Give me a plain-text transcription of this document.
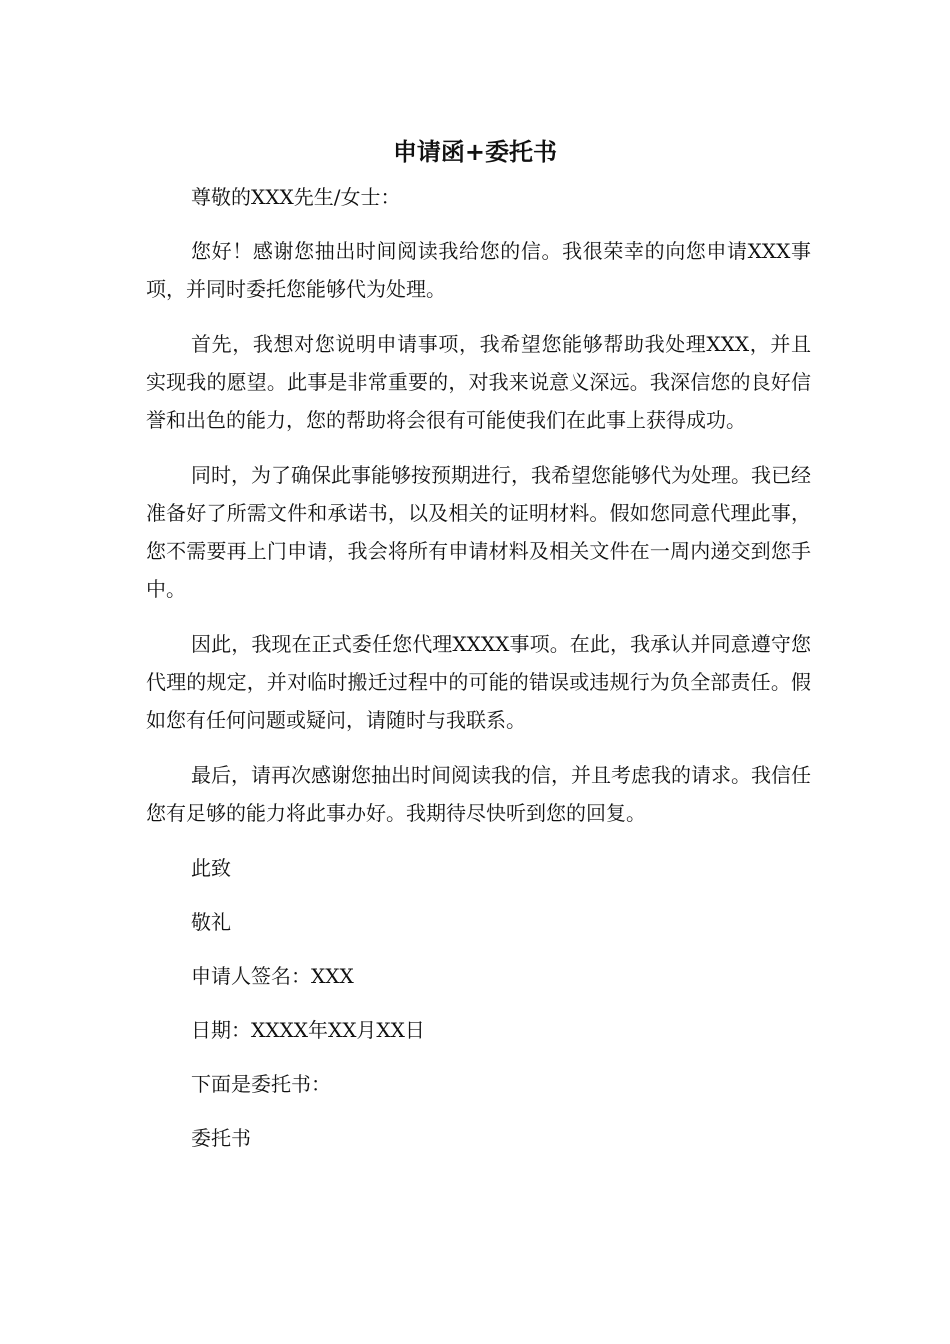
申请函+委托书

尊敬的XXX先生/女士：

您好！感谢您抽出时间阅读我给您的信。我很荣幸的向您申请XXX事项，并同时委托您能够代为处理。

首先，我想对您说明申请事项，我希望您能够帮助我处理XXX，并且实现我的愿望。此事是非常重要的，对我来说意义深远。我深信您的良好信誉和出色的能力，您的帮助将会很有可能使我们在此事上获得成功。

同时，为了确保此事能够按预期进行，我希望您能够代为处理。我已经准备好了所需文件和承诺书，以及相关的证明材料。假如您同意代理此事，您不需要再上门申请，我会将所有申请材料及相关文件在一周内递交到您手中。

因此，我现在正式委任您代理XXXX事项。在此，我承认并同意遵守您代理的规定，并对临时搬迁过程中的可能的错误或违规行为负全部责任。假如您有任何问题或疑问，请随时与我联系。

最后，请再次感谢您抽出时间阅读我的信，并且考虑我的请求。我信任您有足够的能力将此事办好。我期待尽快听到您的回复。

此致

敬礼

申请人签名：XXX

日期：XXXX年XX月XX日

下面是委托书：

委托书
